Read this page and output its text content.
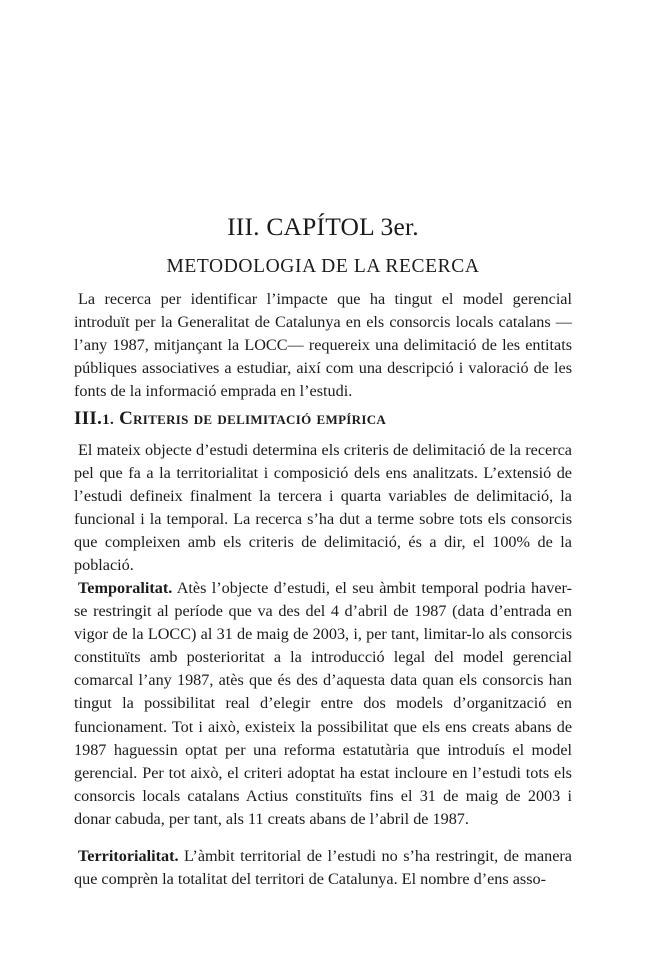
III. CAPÍTOL 3er.
METODOLOGIA DE LA RECERCA

La recerca per identificar l’impacte que ha tingut el model gerencial introduït per la Generalitat de Catalunya en els consorcis locals catalans —l’any 1987, mitjançant la LOCC— requereix una delimitació de les entitats públiques associatives a estudiar, així com una descripció i valoració de les fonts de la informació emprada en l’estudi.

III.1. Criteris de delimitació empírica

El mateix objecte d’estudi determina els criteris de delimitació de la recerca pel que fa a la territorialitat i composició dels ens analitzats. L’extensió de l’estudi defineix finalment la tercera i quarta variables de delimitació, la funcional i la temporal. La recerca s’ha dut a terme sobre tots els consorcis que compleixen amb els criteris de delimitació, és a dir, el 100% de la població.

Temporalitat. Atès l’objecte d’estudi, el seu àmbit temporal podria haver-se restringit al període que va des del 4 d’abril de 1987 (data d’entrada en vigor de la LOCC) al 31 de maig de 2003, i, per tant, limitar-lo als consorcis constituïts amb posterioritat a la introducció legal del model gerencial comarcal l’any 1987, atès que és des d’aquesta data quan els consorcis han tingut la possibilitat real d’elegir entre dos models d’organització en funcionament. Tot i això, existeix la possibilitat que els ens creats abans de 1987 haguessin optat per una reforma estatutària que introduís el model gerencial. Per tot això, el criteri adoptat ha estat incloure en l’estudi tots els consorcis locals catalans Actius constituïts fins el 31 de maig de 2003 i donar cabuda, per tant, als 11 creats abans de l’abril de 1987.

Territorialitat. L’àmbit territorial de l’estudi no s’ha restringit, de manera que comprèn la totalitat del territori de Catalunya. El nombre d’ens asso-
